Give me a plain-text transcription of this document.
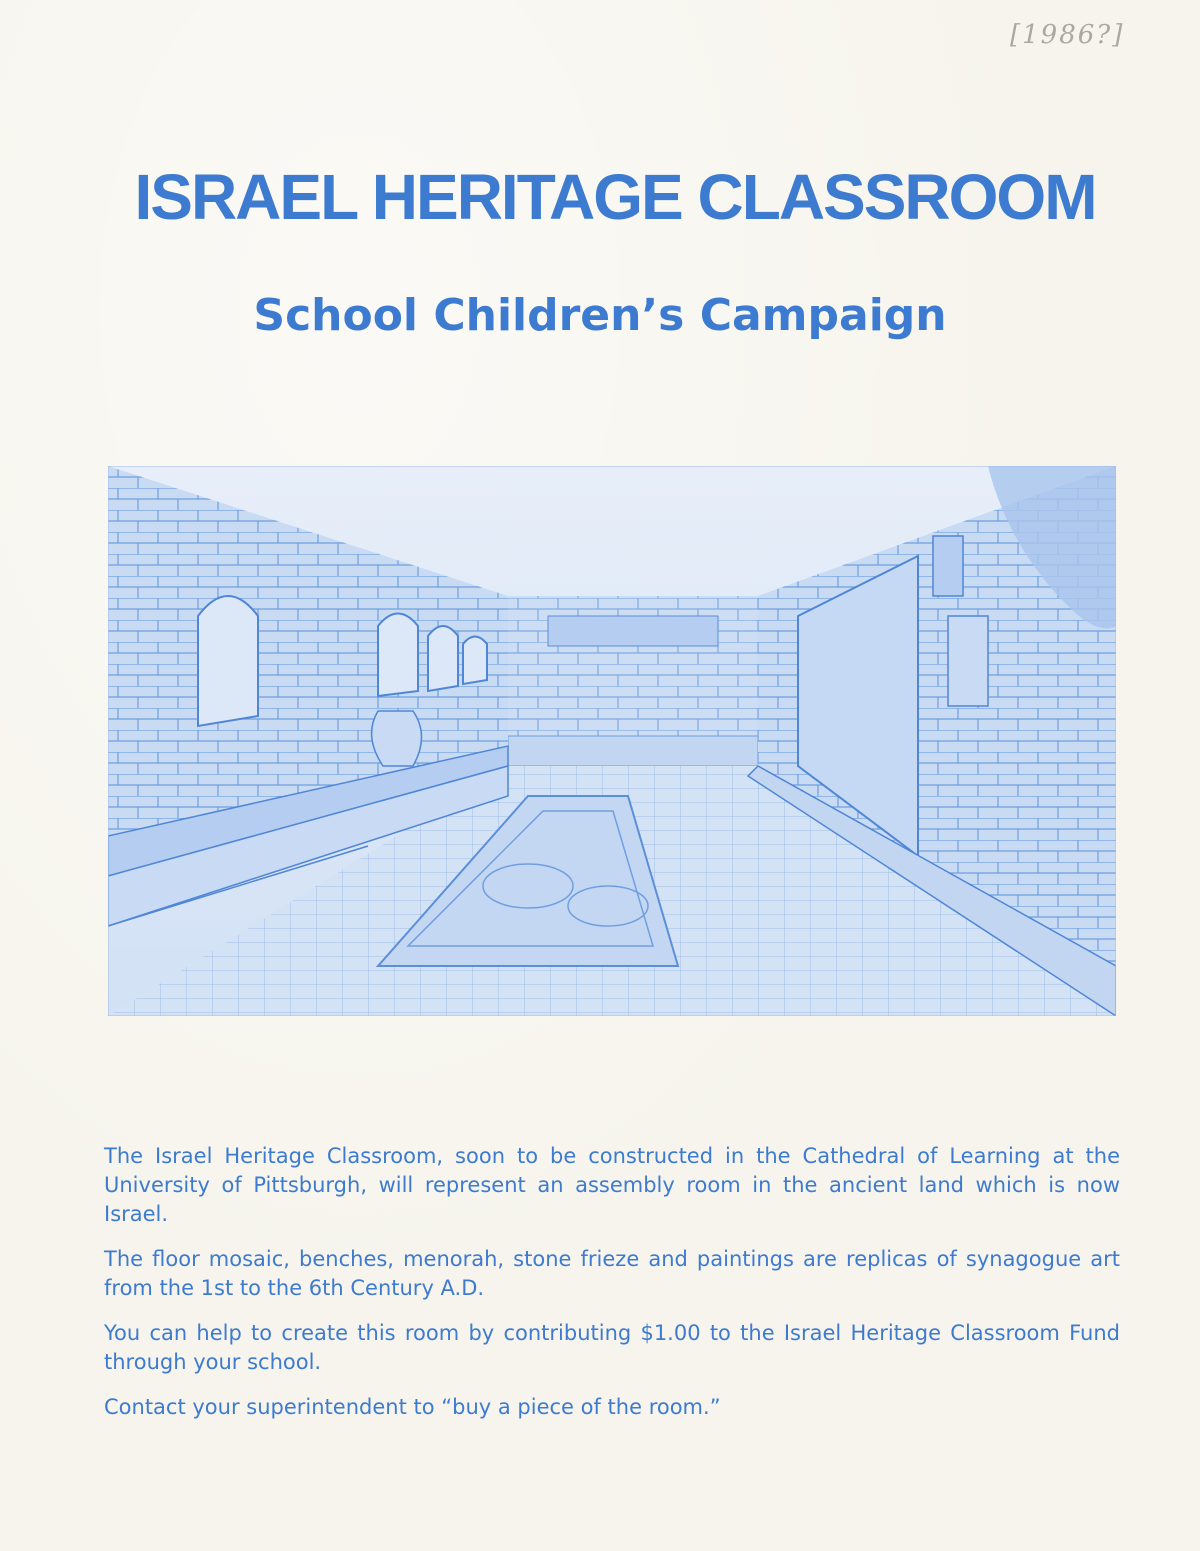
[1986?]
ISRAEL HERITAGE CLASSROOM
School Children’s Campaign

The Israel Heritage Classroom, soon to be constructed in the Cathedral of Learning at the University of Pittsburgh, will represent an assembly room in the ancient land which is now Israel.

The floor mosaic, benches, menorah, stone frieze and paintings are replicas of synagogue art from the 1st to the 6th Century A.D.

You can help to create this room by contributing $1.00 to the Israel Heritage Classroom Fund through your school.

Contact your superintendent to “buy a piece of the room.”
